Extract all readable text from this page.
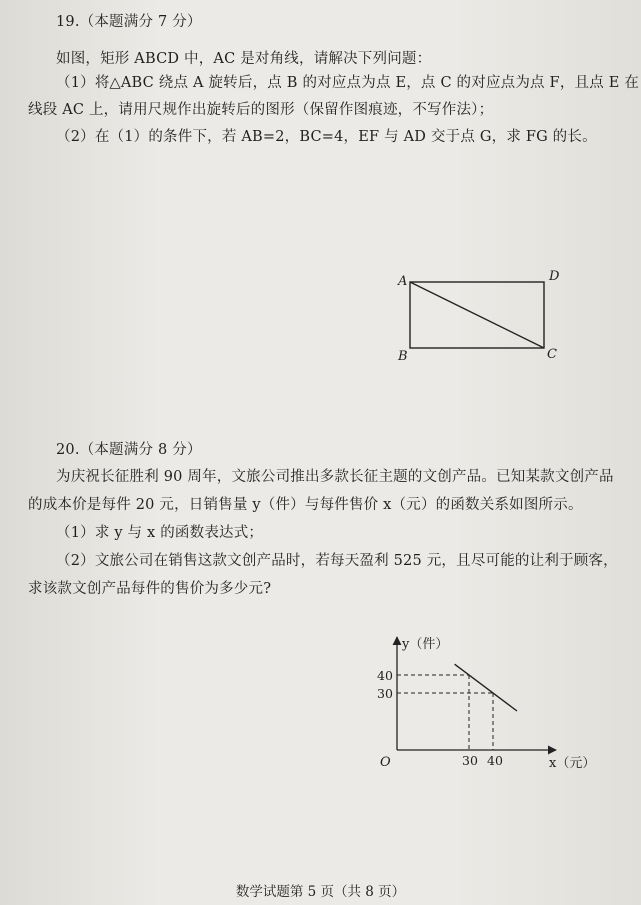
19.（本题满分 7 分）
如图，矩形 ABCD 中，AC 是对角线，请解决下列问题：
（1）将△ABC 绕点 A 旋转后，点 B 的对应点为点 E，点 C 的对应点为点 F，且点 E 在
线段 AC 上，请用尺规作出旋转后的图形（保留作图痕迹，不写作法）；
（2）在（1）的条件下，若 AB=2，BC=4，EF 与 AD 交于点 G，求 FG 的长。
A	D
B	C
20.（本题满分 8 分）
为庆祝长征胜利 90 周年，文旅公司推出多款长征主题的文创产品。已知某款文创产品
的成本价是每件 20 元，日销售量 y（件）与每件售价 x（元）的函数关系如图所示。
（1）求 y 与 x 的函数表达式；
（2）文旅公司在销售这款文创产品时，若每天盈利 525 元，且尽可能的让利于顾客，
求该款文创产品每件的售价为多少元?
y（件）
x（元）
O
40
30
30 40
数学试题第 5 页（共 8 页）
